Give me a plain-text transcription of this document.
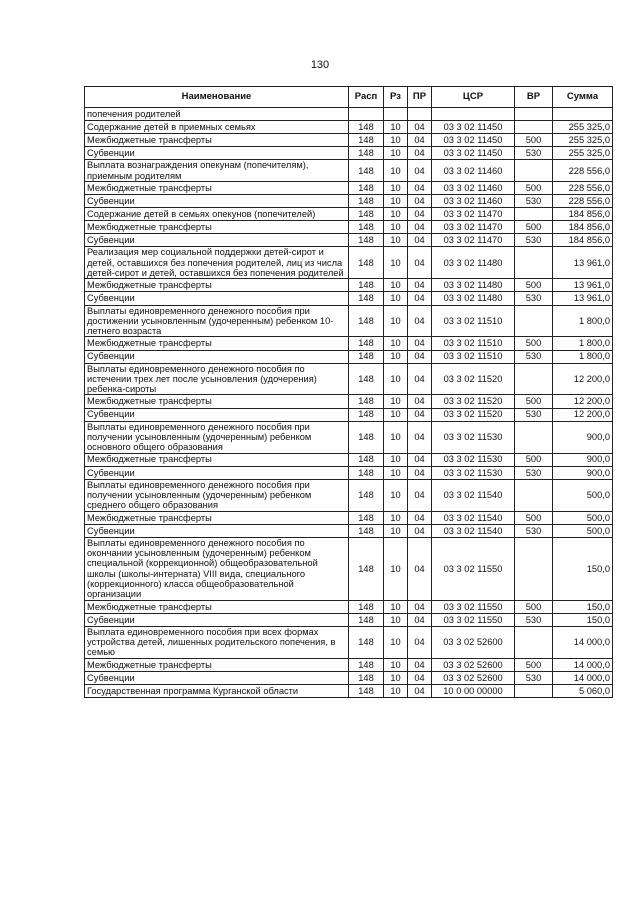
130
Наименование	Расп	Рз	ПР	ЦСР	ВР	Сумма
попечения родителей						
Содержание детей в приемных семьях	148	10	04	03 3 02 11450		255 325,0
Межбюджетные трансферты	148	10	04	03 3 02 11450	500	255 325,0
Субвенции	148	10	04	03 3 02 11450	530	255 325,0
Выплата вознаграждения опекунам (попечителям), приемным родителям	148	10	04	03 3 02 11460		228 556,0
Межбюджетные трансферты	148	10	04	03 3 02 11460	500	228 556,0
Субвенции	148	10	04	03 3 02 11460	530	228 556,0
Содержание детей в семьях опекунов (попечителей)	148	10	04	03 3 02 11470		184 856,0
Межбюджетные трансферты	148	10	04	03 3 02 11470	500	184 856,0
Субвенции	148	10	04	03 3 02 11470	530	184 856,0
Реализация мер социальной поддержки детей-сирот и детей, оставшихся без попечения родителей, лиц из числа детей-сирот и детей, оставшихся без попечения родителей	148	10	04	03 3 02 11480		13 961,0
Межбюджетные трансферты	148	10	04	03 3 02 11480	500	13 961,0
Субвенции	148	10	04	03 3 02 11480	530	13 961,0
Выплаты единовременного денежного пособия при достижении усыновленным (удочеренным) ребенком 10-летнего возраста	148	10	04	03 3 02 11510		1 800,0
Межбюджетные трансферты	148	10	04	03 3 02 11510	500	1 800,0
Субвенции	148	10	04	03 3 02 11510	530	1 800,0
Выплаты единовременного денежного пособия по истечении трех лет после усыновления (удочерения) ребенка-сироты	148	10	04	03 3 02 11520		12 200,0
Межбюджетные трансферты	148	10	04	03 3 02 11520	500	12 200,0
Субвенции	148	10	04	03 3 02 11520	530	12 200,0
Выплаты единовременного денежного пособия при получении усыновленным (удочеренным) ребенком основного общего образования	148	10	04	03 3 02 11530		900,0
Межбюджетные трансферты	148	10	04	03 3 02 11530	500	900,0
Субвенции	148	10	04	03 3 02 11530	530	900,0
Выплаты единовременного денежного пособия при получении усыновленным (удочеренным) ребенком среднего общего образования	148	10	04	03 3 02 11540		500,0
Межбюджетные трансферты	148	10	04	03 3 02 11540	500	500,0
Субвенции	148	10	04	03 3 02 11540	530	500,0
Выплаты единовременного денежного пособия по окончании усыновленным (удочеренным) ребенком специальной (коррекционной) общеобразовательной школы (школы-интерната) VIII вида, специального (коррекционного) класса общеобразовательной организации	148	10	04	03 3 02 11550		150,0
Межбюджетные трансферты	148	10	04	03 3 02 11550	500	150,0
Субвенции	148	10	04	03 3 02 11550	530	150,0
Выплата единовременного пособия при всех формах устройства детей, лишенных родительского попечения, в семью	148	10	04	03 3 02 52600		14 000,0
Межбюджетные трансферты	148	10	04	03 3 02 52600	500	14 000,0
Субвенции	148	10	04	03 3 02 52600	530	14 000,0
Государственная программа Курганской области	148	10	04	10 0 00 00000		5 060,0
